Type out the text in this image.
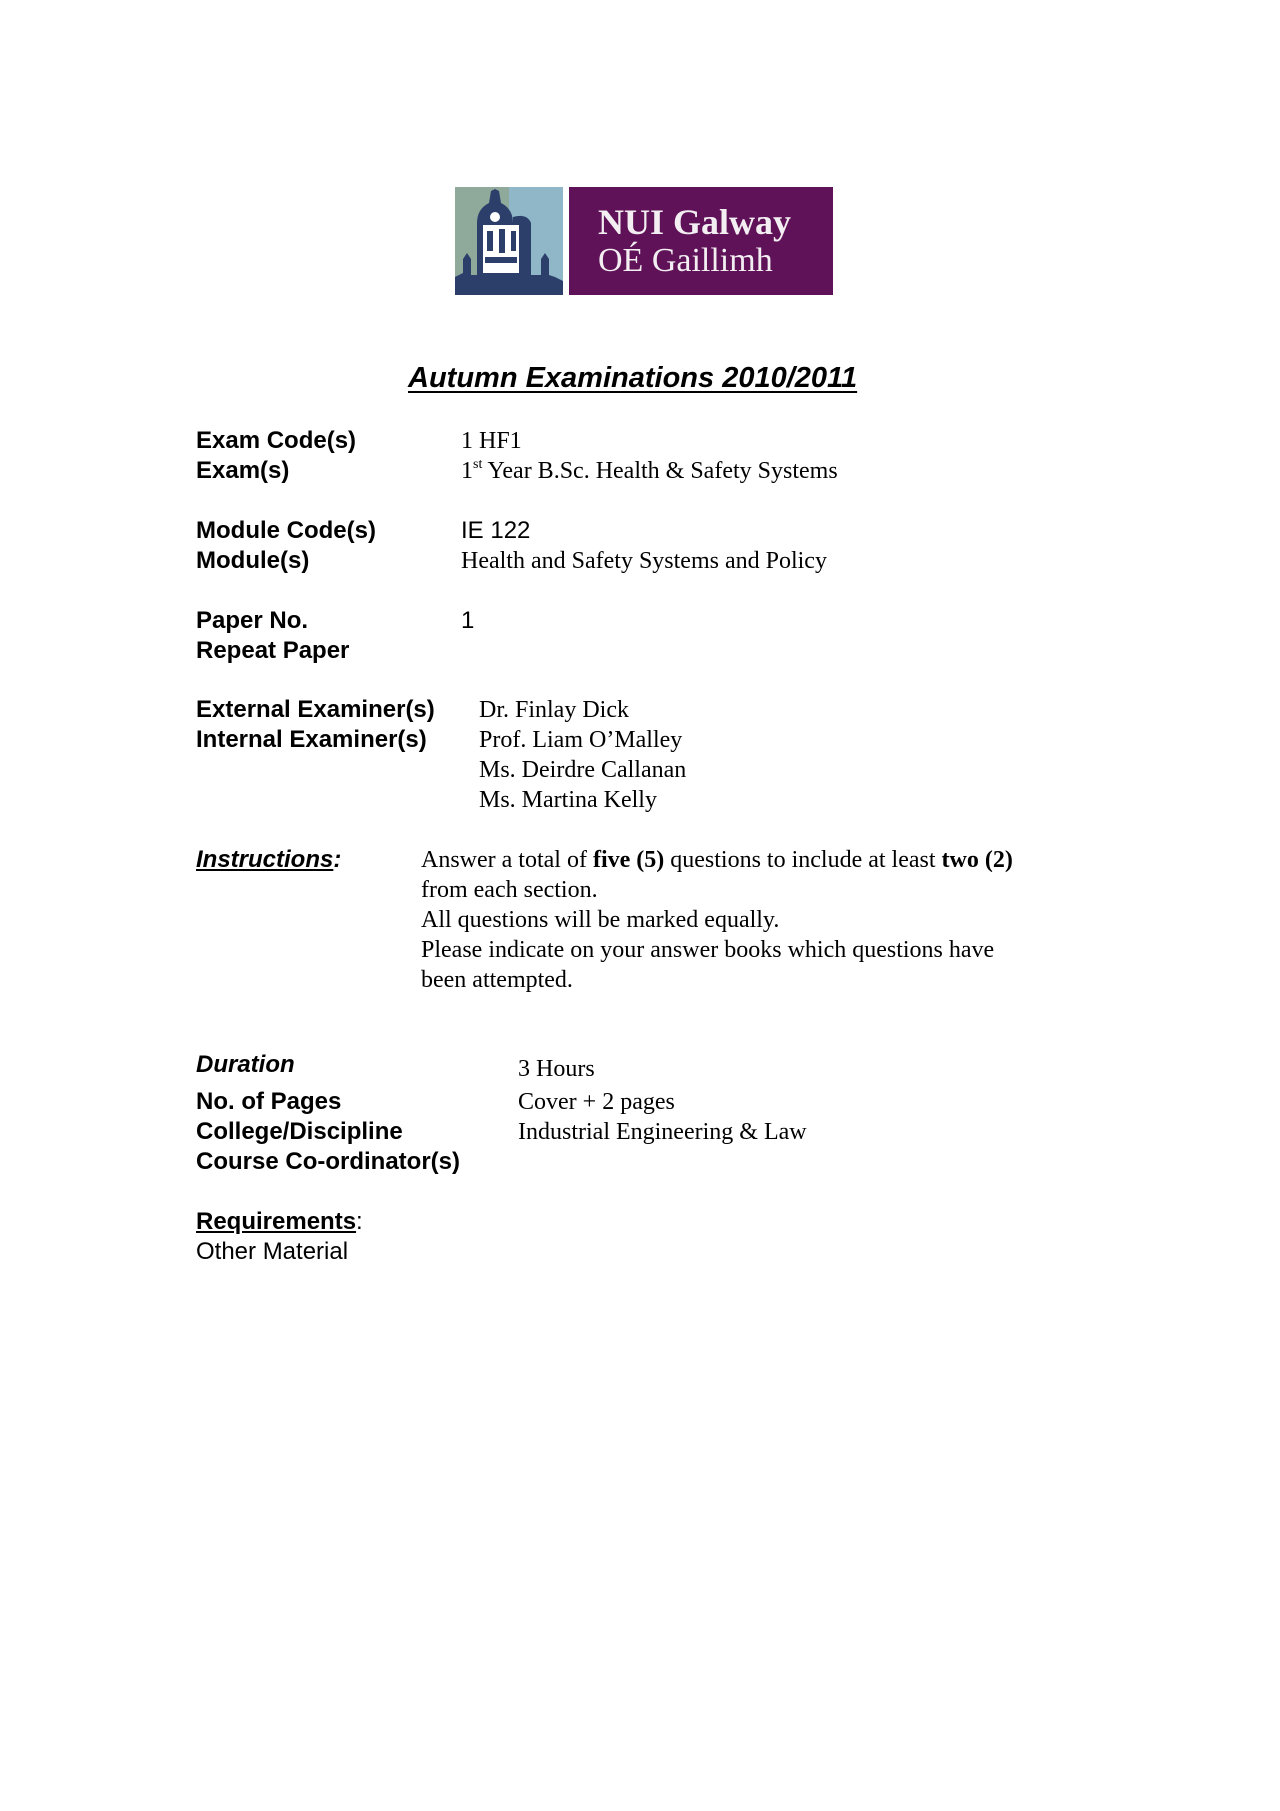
NUI Galway
OÉ Gaillimh
Autumn Examinations 2010/2011
Exam Code(s)	1 HF1
Exam(s)	1st Year B.Sc. Health & Safety Systems
Module Code(s)	IE 122
Module(s)	Health and Safety Systems and Policy
Paper No.	1
Repeat Paper
External Examiner(s) Dr. Finlay Dick
Internal Examiner(s) Prof. Liam O’Malley
Ms. Deirdre Callanan
Ms. Martina Kelly
Instructions:	Answer a total of five (5) questions to include at least two (2)
from each section.
All questions will be marked equally.
Please indicate on your answer books which questions have
been attempted.
Duration	3 Hours
No. of Pages	Cover + 2 pages
College/Discipline	Industrial Engineering & Law
Course Co-ordinator(s)
Requirements:
Other Material
